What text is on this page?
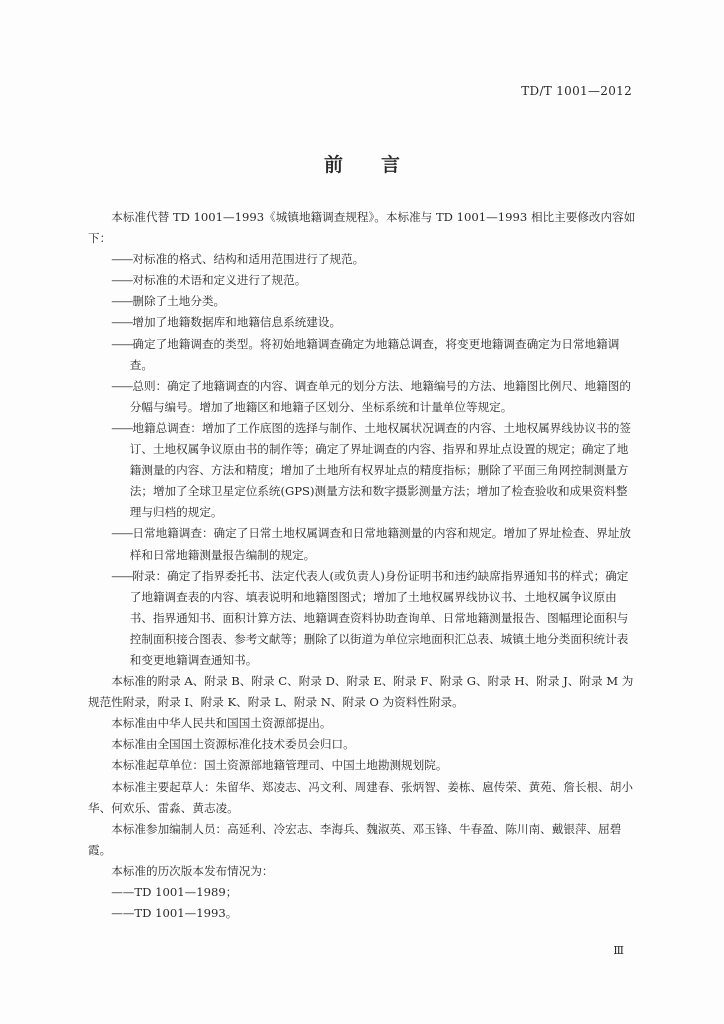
TD/T 1001—2012
前言

本标准代替 TD 1001—1993《城镇地籍调查规程》。本标准与 TD 1001—1993 相比主要修改内容如下：

——对标准的格式、结构和适用范围进行了规范。

——对标准的术语和定义进行了规范。

——删除了土地分类。

——增加了地籍数据库和地籍信息系统建设。

——确定了地籍调查的类型。将初始地籍调查确定为地籍总调查，将变更地籍调查确定为日常地籍调查。

——总则：确定了地籍调查的内容、调查单元的划分方法、地籍编号的方法、地籍图比例尺、地籍图的分幅与编号。增加了地籍区和地籍子区划分、坐标系统和计量单位等规定。

——地籍总调查：增加了工作底图的选择与制作、土地权属状况调查的内容、土地权属界线协议书的签订、土地权属争议原由书的制作等；确定了界址调查的内容、指界和界址点设置的规定；确定了地籍测量的内容、方法和精度；增加了土地所有权界址点的精度指标；删除了平面三角网控制测量方法；增加了全球卫星定位系统(GPS)测量方法和数字摄影测量方法；增加了检查验收和成果资料整理与归档的规定。

——日常地籍调查：确定了日常土地权属调查和日常地籍测量的内容和规定。增加了界址检查、界址放样和日常地籍测量报告编制的规定。

——附录：确定了指界委托书、法定代表人(或负责人)身份证明书和违约缺席指界通知书的样式；确定了地籍调查表的内容、填表说明和地籍图图式；增加了土地权属界线协议书、土地权属争议原由书、指界通知书、面积计算方法、地籍调查资料协助查询单、日常地籍测量报告、图幅理论面积与控制面积接合图表、参考文献等；删除了以街道为单位宗地面积汇总表、城镇土地分类面积统计表和变更地籍调查通知书。

本标准的附录 A、附录 B、附录 C、附录 D、附录 E、附录 F、附录 G、附录 H、附录 J、附录 M 为规范性附录，附录 I、附录 K、附录 L、附录 N、附录 O 为资料性附录。

本标准由中华人民共和国国土资源部提出。

本标准由全国国土资源标准化技术委员会归口。

本标准起草单位：国土资源部地籍管理司、中国土地勘测规划院。

本标准主要起草人：朱留华、郑凌志、冯文利、周建春、张炳智、姜栋、扈传荣、黄苑、詹长根、胡小华、何欢乐、雷淼、黄志凌。

本标准参加编制人员：高延利、冷宏志、李海兵、魏淑英、邓玉锋、牛春盈、陈川南、戴银萍、屈碧霞。

本标准的历次版本发布情况为：

——TD 1001—1989；

——TD 1001—1993。

Ⅲ
